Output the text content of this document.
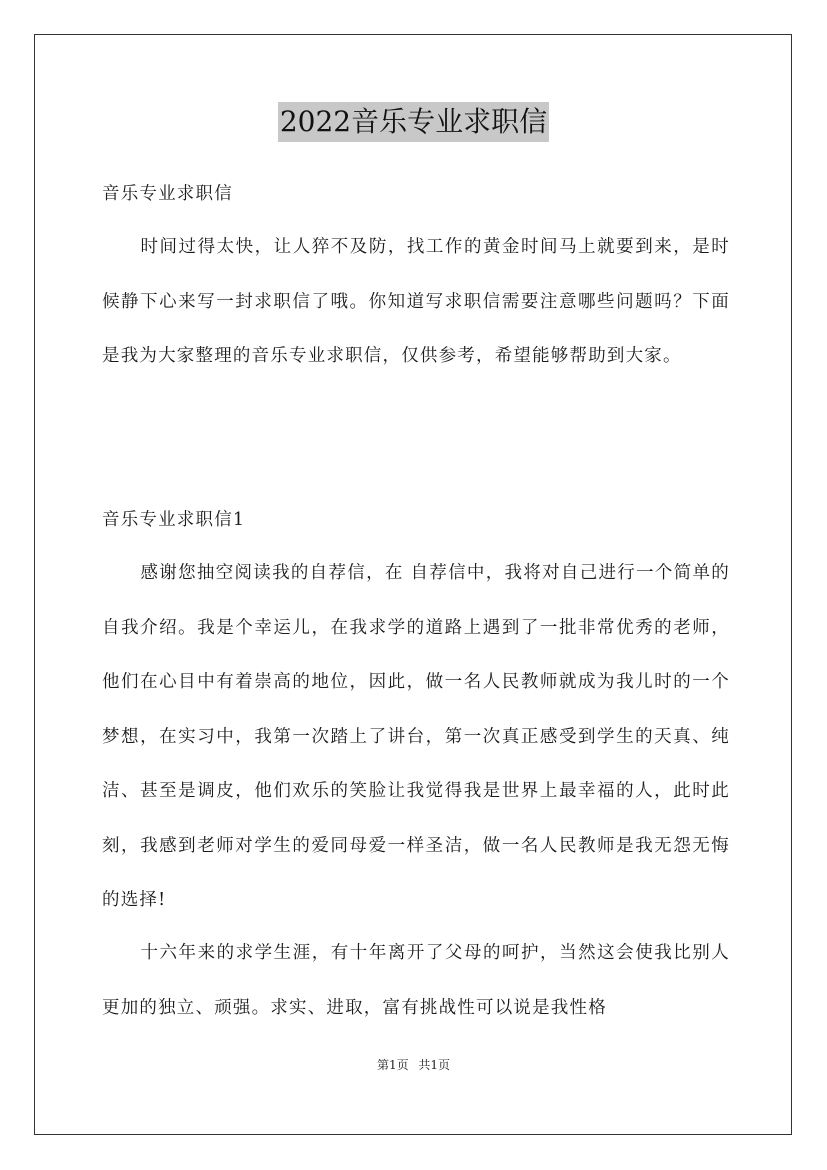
2022音乐专业求职信
音乐专业求职信
时间过得太快，让人猝不及防，找工作的黄金时间马上就要到来，是时候静下心来写一封求职信了哦。你知道写求职信需要注意哪些问题吗？下面是我为大家整理的音乐专业求职信，仅供参考，希望能够帮助到大家。
音乐专业求职信1
感谢您抽空阅读我的自荐信，在 自荐信中，我将对自己进行一个简单的自我介绍。我是个幸运儿，在我求学的道路上遇到了一批非常优秀的老师，他们在心目中有着崇高的地位，因此，做一名人民教师就成为我儿时的一个梦想，在实习中，我第一次踏上了讲台，第一次真正感受到学生的天真、纯洁、甚至是调皮，他们欢乐的笑脸让我觉得我是世界上最幸福的人，此时此刻，我感到老师对学生的爱同母爱一样圣洁，做一名人民教师是我无怨无悔的选择!
十六年来的求学生涯，有十年离开了父母的呵护，当然这会使我比别人更加的独立、顽强。求实、进取，富有挑战性可以说是我性格
第1页 共1页
